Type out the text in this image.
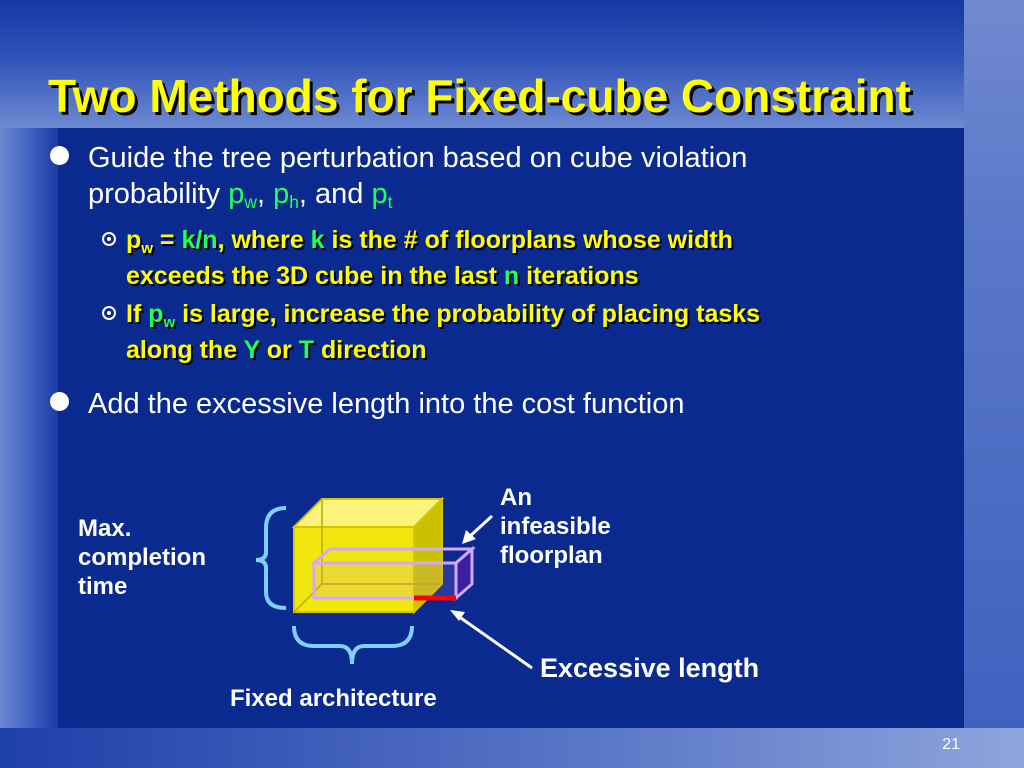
Two Methods for Fixed-cube Constraint
Guide the tree perturbation based on cube violation
probability $p_w$, $p_h$, and $p_t$
$p_w = k/n$, where k is the # of floorplans whose width
exceeds the 3D cube in the last n iterations
If $p_w$ is large, increase the probability of placing tasks
along the Y or T direction
Add the excessive length into the cost function
Max.
completion
time
An
infeasible
floorplan
Excessive length
Fixed architecture
21
